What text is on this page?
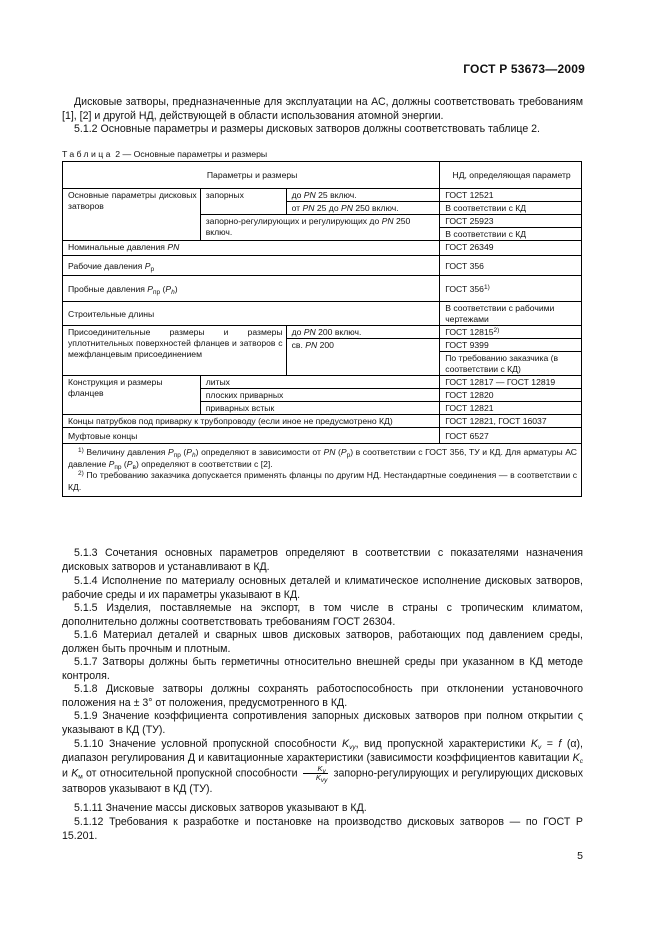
ГОСТ Р 53673—2009
Дисковые затворы, предназначенные для эксплуатации на АС, должны соответствовать требованиям [1], [2] и другой НД, действующей в области использования атомной энергии.
5.1.2 Основные параметры и размеры дисковых затворов должны соответствовать таблице 2.
Таблица 2 — Основные параметры и размеры
Параметры и размеры			НД, определяющая параметр
Основные параметры дисковых затворов	запорных	до PN 25 включ.	ГОСТ 12521
		от PN 25 до PN 250 включ.	В соответствии с КД
	запорно-регулирующих и регулирующих до PN 250 включ.		ГОСТ 25923
			В соответствии с КД
Номинальные давления PN			ГОСТ 26349
Рабочие давления $P_р$			ГОСТ 356
Пробные давления $P_{пр}$ $(P_h)$			ГОСТ 356$^{1)}$
Строительные длины			В соответствии с рабочими чертежами
Присоединительные размеры и размеры уплотнительных поверхностей фланцев и затворов с межфланцевым присоединением		до PN 200 включ.	ГОСТ 12815$^{2)}$
		св. PN 200	ГОСТ 9399
			По требованию заказчика (в соответствии с КД)
Конструкция и размеры фланцев	литых		ГОСТ 12817 — ГОСТ 12819
	плоских приварных		ГОСТ 12820
	приварных встык		ГОСТ 12821
Концы патрубков под приварку к трубопроводу (если иное не предусмотрено КД)			ГОСТ 12821, ГОСТ 16037
Муфтовые концы			ГОСТ 6527

$^{1)}$ Величину давления $P_{пр}$ $(P_h)$ определяют в зависимости от PN $(P_р)$ в соответствии с ГОСТ 356, ТУ и КД. Для арматуры АС давление $P_{пр}$ $(P_в)$ определяют в соответствии с [2].
$^{2)}$ По требованию заказчика допускается применять фланцы по другим НД. Нестандартные соединения — в соответствии с КД.			
5.1.3 Сочетания основных параметров определяют в соответствии с показателями назначения дисковых затворов и устанавливают в КД.
5.1.4 Исполнение по материалу основных деталей и климатическое исполнение дисковых затворов, рабочие среды и их параметры указывают в КД.
5.1.5 Изделия, поставляемые на экспорт, в том числе в страны с тропическим климатом, дополнительно должны соответствовать требованиям ГОСТ 26304.
5.1.6 Материал деталей и сварных швов дисковых затворов, работающих под давлением среды, должен быть прочным и плотным.
5.1.7 Затворы должны быть герметичны относительно внешней среды при указанном в КД методе контроля.
5.1.8 Дисковые затворы должны сохранять работоспособность при отклонении установочного положения на ± 3° от положения, предусмотренного в КД.
5.1.9 Значение коэффициента сопротивления запорных дисковых затворов при полном открытии ς указывают в КД (ТУ).
5.1.10 Значение условной пропускной способности $K_{vy}$, вид пропускной характеристики $K_v = f$ (α), диапазон регулирования Д и кавитационные характеристики (зависимости коэффициентов кавитации $K_c$ и $K_м$ от относительной пропускной способности $\frac{K_v}{K_{vy}}$ запорно-регулирующих и регулирующих дисковых затворов указывают в КД (ТУ).
5.1.11 Значение массы дисковых затворов указывают в КД.
5.1.12 Требования к разработке и постановке на производство дисковых затворов — по ГОСТ Р 15.201.
5
